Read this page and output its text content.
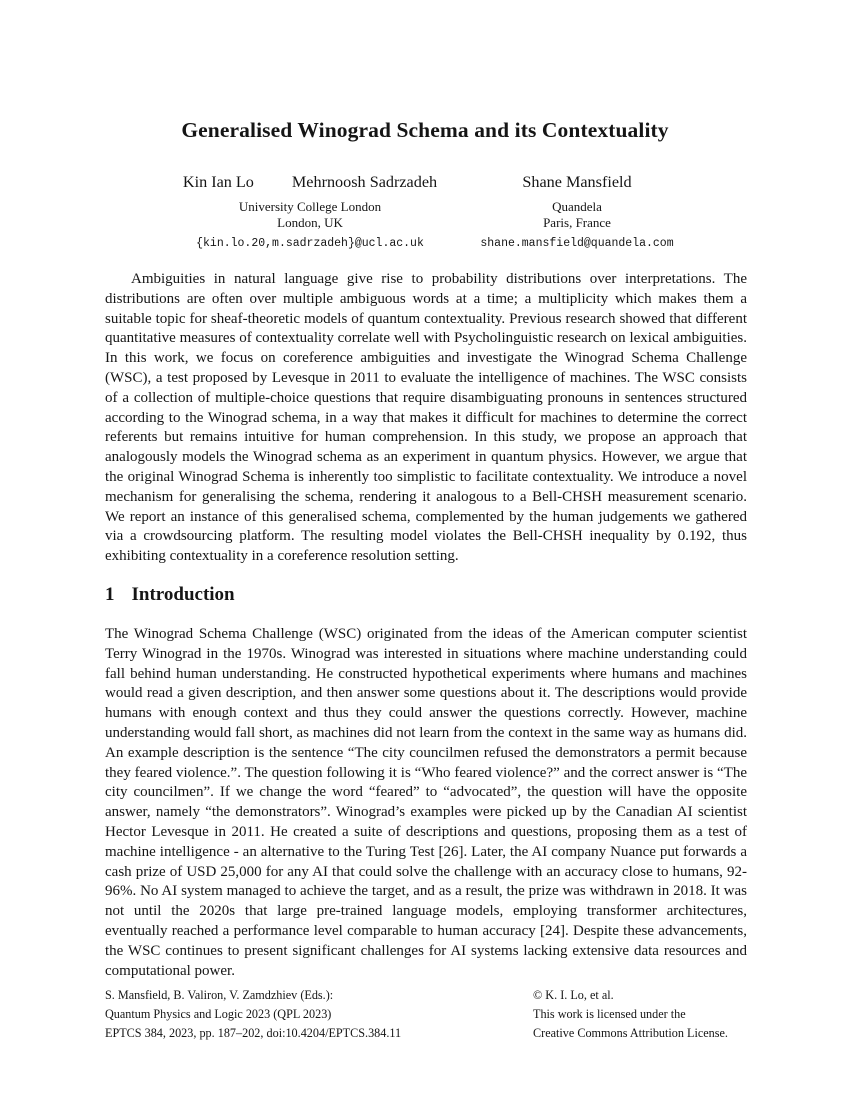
Generalised Winograd Schema and its Contextuality
Kin Ian Lo Mehrnoosh Sadrzadeh
University College London
London, UK
{kin.lo.20,m.sadrzadeh}@ucl.ac.uk
Shane Mansfield
Quandela
Paris, France
shane.mansfield@quandela.com

Ambiguities in natural language give rise to probability distributions over interpretations. The distributions are often over multiple ambiguous words at a time; a multiplicity which makes them a suitable topic for sheaf-theoretic models of quantum contextuality. Previous research showed that different quantitative measures of contextuality correlate well with Psycholinguistic research on lexical ambiguities. In this work, we focus on coreference ambiguities and investigate the Winograd Schema Challenge (WSC), a test proposed by Levesque in 2011 to evaluate the intelligence of machines. The WSC consists of a collection of multiple-choice questions that require disambiguating pronouns in sentences structured according to the Winograd schema, in a way that makes it difficult for machines to determine the correct referents but remains intuitive for human comprehension. In this study, we propose an approach that analogously models the Winograd schema as an experiment in quantum physics. However, we argue that the original Winograd Schema is inherently too simplistic to facilitate contextuality. We introduce a novel mechanism for generalising the schema, rendering it analogous to a Bell-CHSH measurement scenario. We report an instance of this generalised schema, complemented by the human judgements we gathered via a crowdsourcing platform. The resulting model violates the Bell-CHSH inequality by 0.192, thus exhibiting contextuality in a coreference resolution setting.

1 Introduction

The Winograd Schema Challenge (WSC) originated from the ideas of the American computer scientist Terry Winograd in the 1970s. Winograd was interested in situations where machine understanding could fall behind human understanding. He constructed hypothetical experiments where humans and machines would read a given description, and then answer some questions about it. The descriptions would provide humans with enough context and thus they could answer the questions correctly. However, machine understanding would fall short, as machines did not learn from the context in the same way as humans did. An example description is the sentence “The city councilmen refused the demonstrators a permit because they feared violence.”. The question following it is “Who feared violence?” and the correct answer is “The city councilmen”. If we change the word “feared” to “advocated”, the question will have the opposite answer, namely “the demonstrators”. Winograd’s examples were picked up by the Canadian AI scientist Hector Levesque in 2011. He created a suite of descriptions and questions, proposing them as a test of machine intelligence - an alternative to the Turing Test [26]. Later, the AI company Nuance put forwards a cash prize of USD 25,000 for any AI that could solve the challenge with an accuracy close to humans, 92-96%. No AI system managed to achieve the target, and as a result, the prize was withdrawn in 2018. It was not until the 2020s that large pre-trained language models, employing transformer architectures, eventually reached a performance level comparable to human accuracy [24]. Despite these advancements, the WSC continues to present significant challenges for AI systems lacking extensive data resources and computational power.

S. Mansfield, B. Valiron, V. Zamdzhiev (Eds.):
Quantum Physics and Logic 2023 (QPL 2023)
EPTCS 384, 2023, pp. 187–202, doi:10.4204/EPTCS.384.11
© K. I. Lo, et al.
This work is licensed under the
Creative Commons Attribution License.
